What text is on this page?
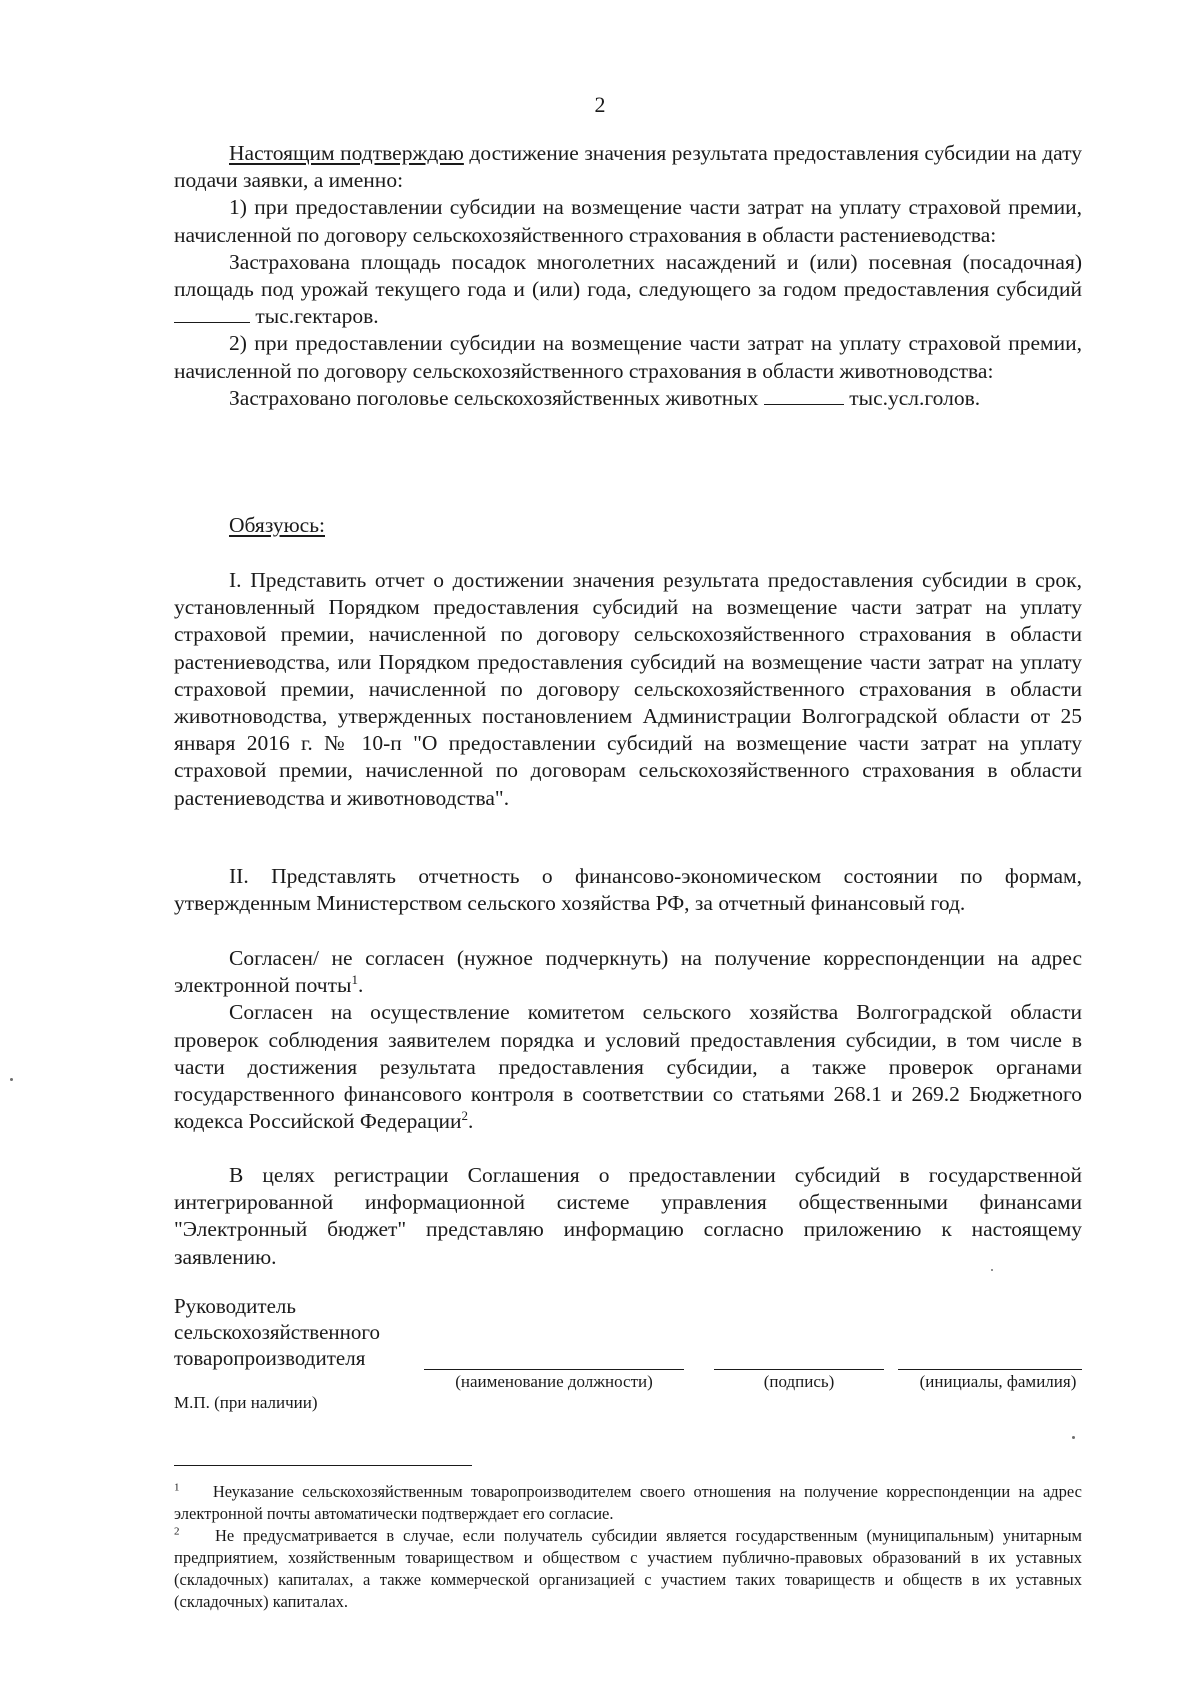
2

Настоящим подтверждаю достижение значения результата предоставления субсидии на дату подачи заявки, а именно:

1) при предоставлении субсидии на возмещение части затрат на уплату страховой премии, начисленной по договору сельскохозяйственного страхования в области растениеводства:

Застрахована площадь посадок многолетних насаждений и (или) посевная (посадочная) площадь под урожай текущего года и (или) года, следующего за годом предоставления субсидий  тыс.гектаров.

2) при предоставлении субсидии на возмещение части затрат на уплату страховой премии, начисленной по договору сельскохозяйственного страхования в области животноводства:

Застраховано поголовье сельскохозяйственных животных	тыс.усл.голов.

Обязуюсь:

I. Представить отчет о достижении значения результата предоставления субсидии в срок, установленный Порядком предоставления субсидий на возмещение части затрат на уплату страховой премии, начисленной по договору сельскохозяйственного страхования в области растениеводства, или Порядком предоставления субсидий на возмещение части затрат на уплату страховой премии, начисленной по договору сельскохозяйственного страхования в области животноводства, утвержденных постановлением Администрации Волгоградской области от 25 января 2016 г. № 10-п "О предоставлении субсидий на возмещение части затрат на уплату страховой премии, начисленной по договорам сельскохозяйственного страхования в области растениеводства и животноводства".

II. Представлять отчетность о финансово-экономическом состоянии по формам, утвержденным Министерством сельского хозяйства РФ, за отчетный финансовый год.

Согласен/ не согласен (нужное подчеркнуть) на получение корреспонденции на адрес электронной почты$^1$.

Согласен на осуществление комитетом сельского хозяйства Волгоградской области проверок соблюдения заявителем порядка и условий предоставления субсидии, в том числе в части достижения результата предоставления субсидии, а также проверок органами государственного финансового контроля в соответствии со статьями 268.1 и 269.2 Бюджетного кодекса Российской Федерации$^2$.

В целях регистрации Соглашения о предоставлении субсидий в государственной интегрированной информационной системе управления общественными финансами "Электронный бюджет" представляю информацию согласно приложению к настоящему заявлению.

Руководитель
сельскохозяйственного
товаропроизводителя
(наименование должности)	(подпись)	(инициалы, фамилия)
М.П. (при наличии)

$^1$ Неуказание сельскохозяйственным товаропроизводителем своего отношения на получение корреспонденции на адрес электронной почты автоматически подтверждает его согласие.

$^2$ Не предусматривается в случае, если получатель субсидии является государственным (муниципальным) унитарным предприятием, хозяйственным товариществом и обществом с участием публично-правовых образований в их уставных (складочных) капиталах, а также коммерческой организацией с участием таких товариществ и обществ в их уставных (складочных) капиталах.
